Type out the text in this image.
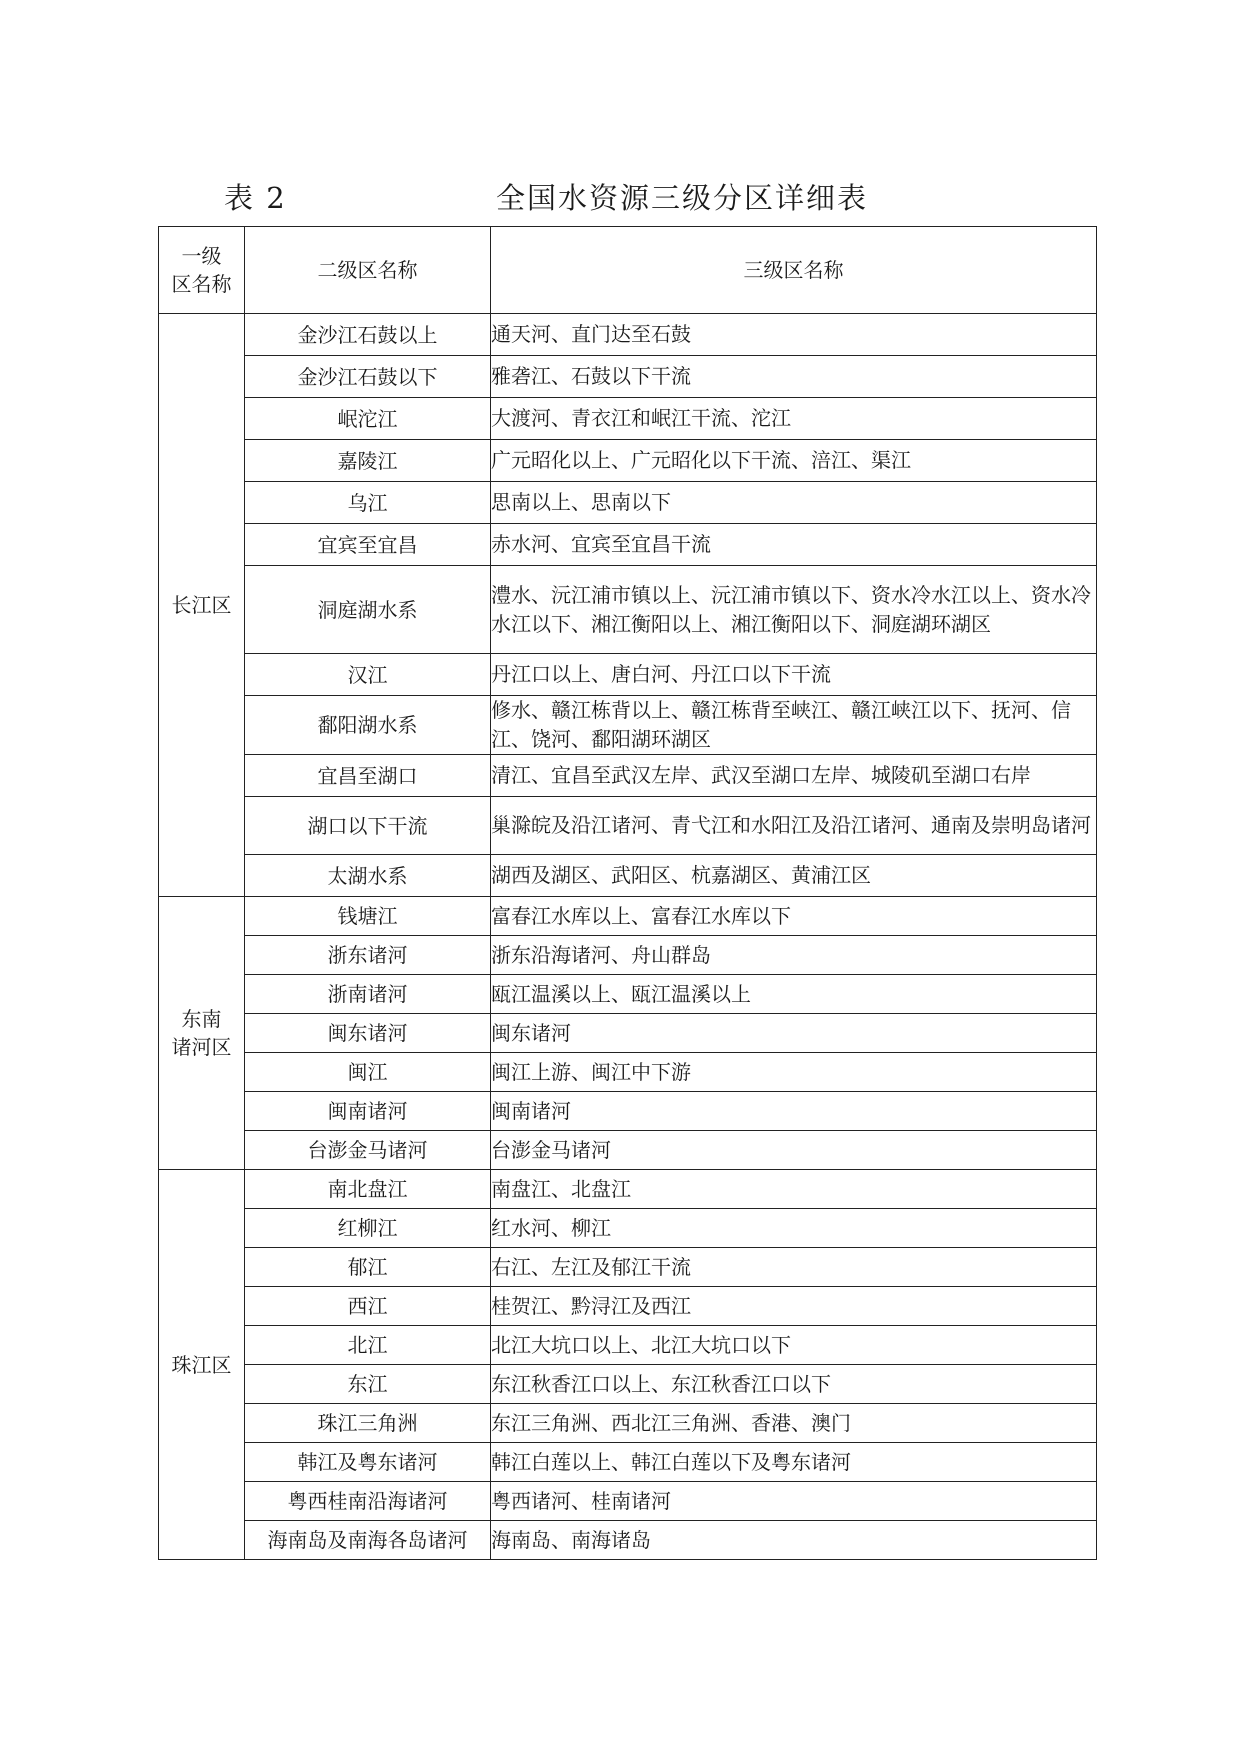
表 2	全国水资源三级分区详细表
一级
区名称	二级区名称	三级区名称
长江区	金沙江石鼓以上	通天河、直门达至石鼓
	金沙江石鼓以下	雅砻江、石鼓以下干流
	岷沱江	大渡河、青衣江和岷江干流、沱江
	嘉陵江	广元昭化以上、广元昭化以下干流、涪江、渠江
	乌江	思南以上、思南以下
	宜宾至宜昌	赤水河、宜宾至宜昌干流
	洞庭湖水系	澧水、沅江浦市镇以上、沅江浦市镇以下、资水冷水江以上、资水冷水江以下、湘江衡阳以上、湘江衡阳以下、洞庭湖环湖区
	汉江	丹江口以上、唐白河、丹江口以下干流
	鄱阳湖水系	修水、赣江栋背以上、赣江栋背至峡江、赣江峡江以下、抚河、信江、饶河、鄱阳湖环湖区
	宜昌至湖口	清江、宜昌至武汉左岸、武汉至湖口左岸、城陵矶至湖口右岸
	湖口以下干流	巢滁皖及沿江诸河、青弋江和水阳江及沿江诸河、通南及崇明岛诸河
	太湖水系	湖西及湖区、武阳区、杭嘉湖区、黄浦江区
东南
诸河区	钱塘江	富春江水库以上、富春江水库以下
	浙东诸河	浙东沿海诸河、舟山群岛
	浙南诸河	瓯江温溪以上、瓯江温溪以上
	闽东诸河	闽东诸河
	闽江	闽江上游、闽江中下游
	闽南诸河	闽南诸河
	台澎金马诸河	台澎金马诸河
珠江区	南北盘江	南盘江、北盘江
	红柳江	红水河、柳江
	郁江	右江、左江及郁江干流
	西江	桂贺江、黔浔江及西江
	北江	北江大坑口以上、北江大坑口以下
	东江	东江秋香江口以上、东江秋香江口以下
	珠江三角洲	东江三角洲、西北江三角洲、香港、澳门
	韩江及粤东诸河	韩江白莲以上、韩江白莲以下及粤东诸河
	粤西桂南沿海诸河	粤西诸河、桂南诸河
	海南岛及南海各岛诸河	海南岛、南海诸岛
